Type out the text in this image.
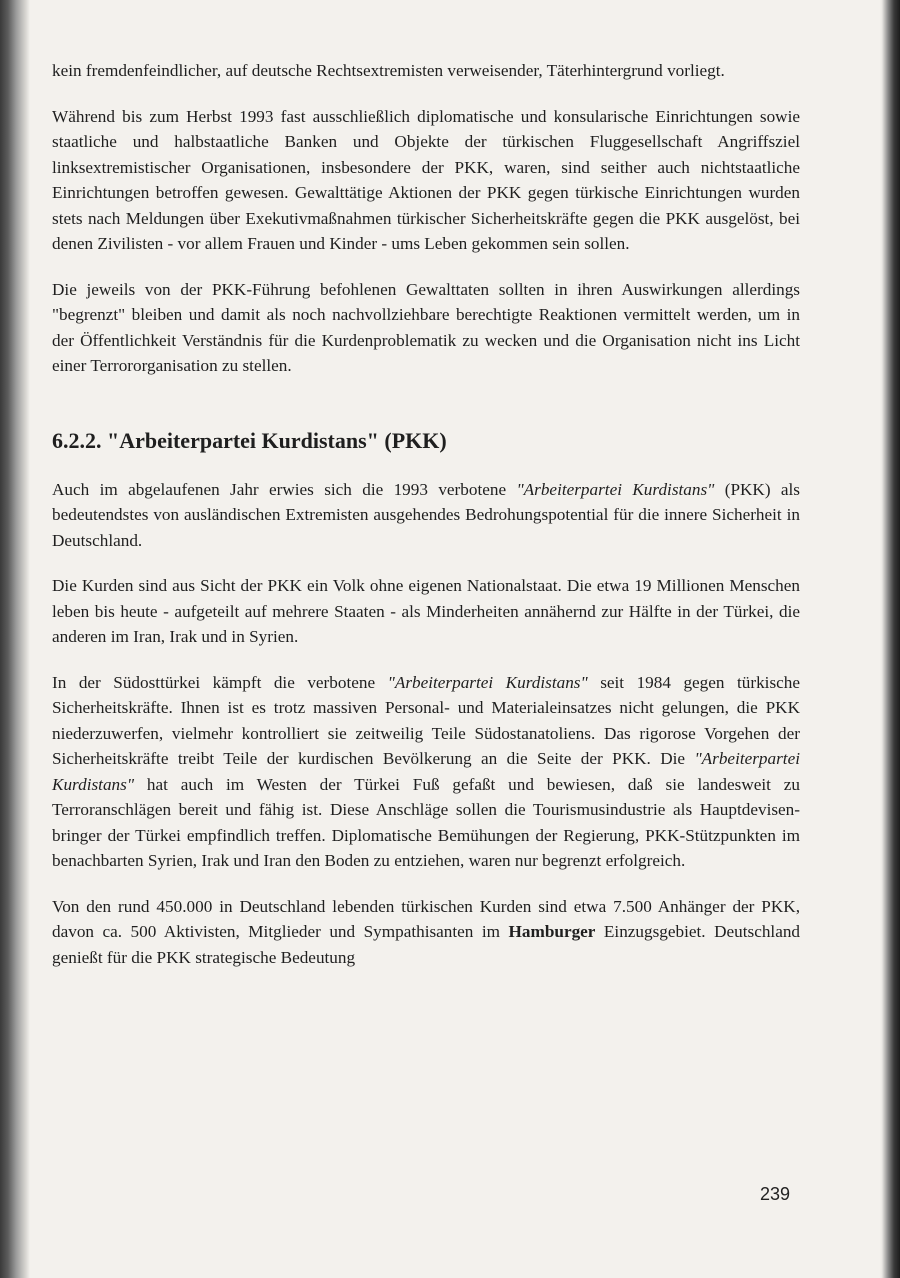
kein fremdenfeindlicher, auf deutsche Rechtsextremisten verweisender, Täterhintergrund vorliegt.

Während bis zum Herbst 1993 fast ausschließlich diplomatische und konsularische Einrichtungen sowie staatliche und halbstaatliche Banken und Objekte der türkischen Fluggesellschaft Angriffsziel linksextremistischer Organisationen, insbesondere der PKK, waren, sind seither auch nichtstaatliche Einrichtungen betroffen gewesen. Gewalttätige Aktionen der PKK gegen türkische Einrichtungen wurden stets nach Meldungen über Exekutivmaßnahmen türkischer Sicherheitskräfte gegen die PKK ausgelöst, bei denen Zivilisten - vor allem Frauen und Kinder - ums Leben gekommen sein sollen.

Die jeweils von der PKK-Führung befohlenen Gewalttaten sollten in ihren Auswirkungen allerdings "begrenzt" bleiben und damit als noch nachvollziehbare berechtigte Reaktionen vermittelt werden, um in der Öffentlichkeit Verständnis für die Kurdenproblematik zu wecken und die Organisation nicht ins Licht einer Terrororganisation zu stellen.

6.2.2. "Arbeiterpartei Kurdistans" (PKK)

Auch im abgelaufenen Jahr erwies sich die 1993 verbotene "Arbeiterpartei Kurdistans" (PKK) als bedeutendstes von ausländischen Extremisten ausgehendes Bedrohungspotential für die innere Sicherheit in Deutschland.

Die Kurden sind aus Sicht der PKK ein Volk ohne eigenen Nationalstaat. Die etwa 19 Millionen Menschen leben bis heute - aufgeteilt auf mehrere Staaten - als Minderheiten annähernd zur Hälfte in der Türkei, die anderen im Iran, Irak und in Syrien.

In der Südosttürkei kämpft die verbotene "Arbeiterpartei Kurdistans" seit 1984 gegen türkische Sicherheitskräfte. Ihnen ist es trotz massiven Personal- und Materialeinsatzes nicht gelungen, die PKK niederzuwerfen, vielmehr kontrolliert sie zeitweilig Teile Südostanatoliens. Das rigorose Vorgehen der Sicherheitskräfte treibt Teile der kurdischen Bevölkerung an die Seite der PKK. Die "Arbeiterpartei Kurdistans" hat auch im Westen der Türkei Fuß gefaßt und bewiesen, daß sie landesweit zu Terroranschlägen bereit und fähig ist. Diese Anschläge sollen die Tourismusindustrie als Hauptdevisenbringer der Türkei empfindlich treffen. Diplomatische Bemühungen der Regierung, PKK-Stützpunkten im benachbarten Syrien, Irak und Iran den Boden zu entziehen, waren nur begrenzt erfolgreich.

Von den rund 450.000 in Deutschland lebenden türkischen Kurden sind etwa 7.500 Anhänger der PKK, davon ca. 500 Aktivisten, Mitglieder und Sympathisanten im Hamburger Einzugsgebiet. Deutschland genießt für die PKK strategische Bedeutung

239
